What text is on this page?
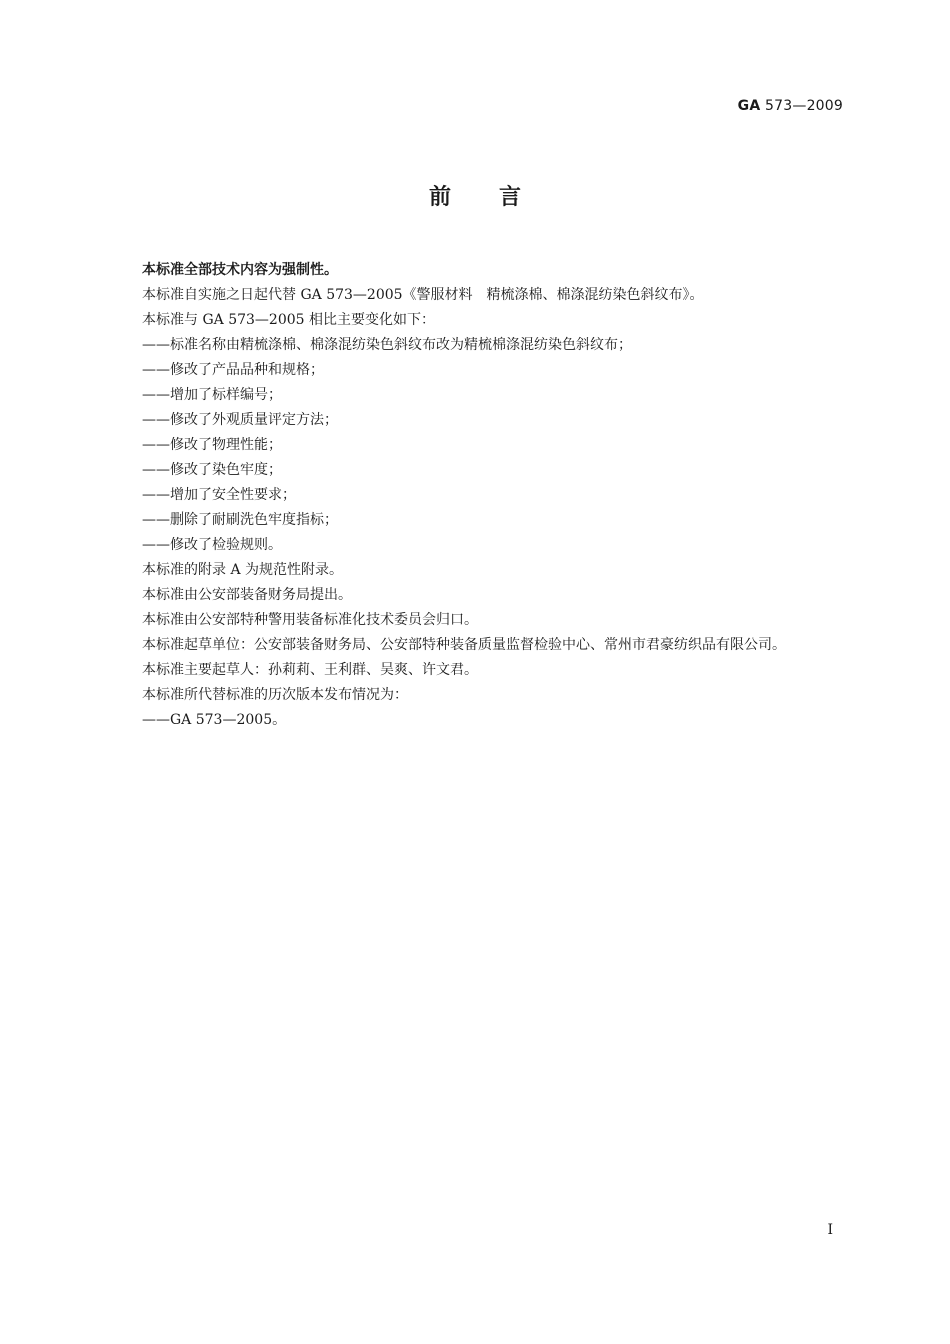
GA 573—2009
前言

本标准全部技术内容为强制性。

本标准自实施之日起代替 GA 573—2005《警服材料　精梳涤棉、棉涤混纺染色斜纹布》。

本标准与 GA 573—2005 相比主要变化如下：

——标准名称由精梳涤棉、棉涤混纺染色斜纹布改为精梳棉涤混纺染色斜纹布；

——修改了产品品种和规格；

——增加了标样编号；

——修改了外观质量评定方法；

——修改了物理性能；

——修改了染色牢度；

——增加了安全性要求；

——删除了耐刷洗色牢度指标；

——修改了检验规则。

本标准的附录 A 为规范性附录。

本标准由公安部装备财务局提出。

本标准由公安部特种警用装备标准化技术委员会归口。

本标准起草单位：公安部装备财务局、公安部特种装备质量监督检验中心、常州市君豪纺织品有限公司。

本标准主要起草人：孙莉莉、王利群、吴爽、许文君。

本标准所代替标准的历次版本发布情况为：

——GA 573—2005。

I
